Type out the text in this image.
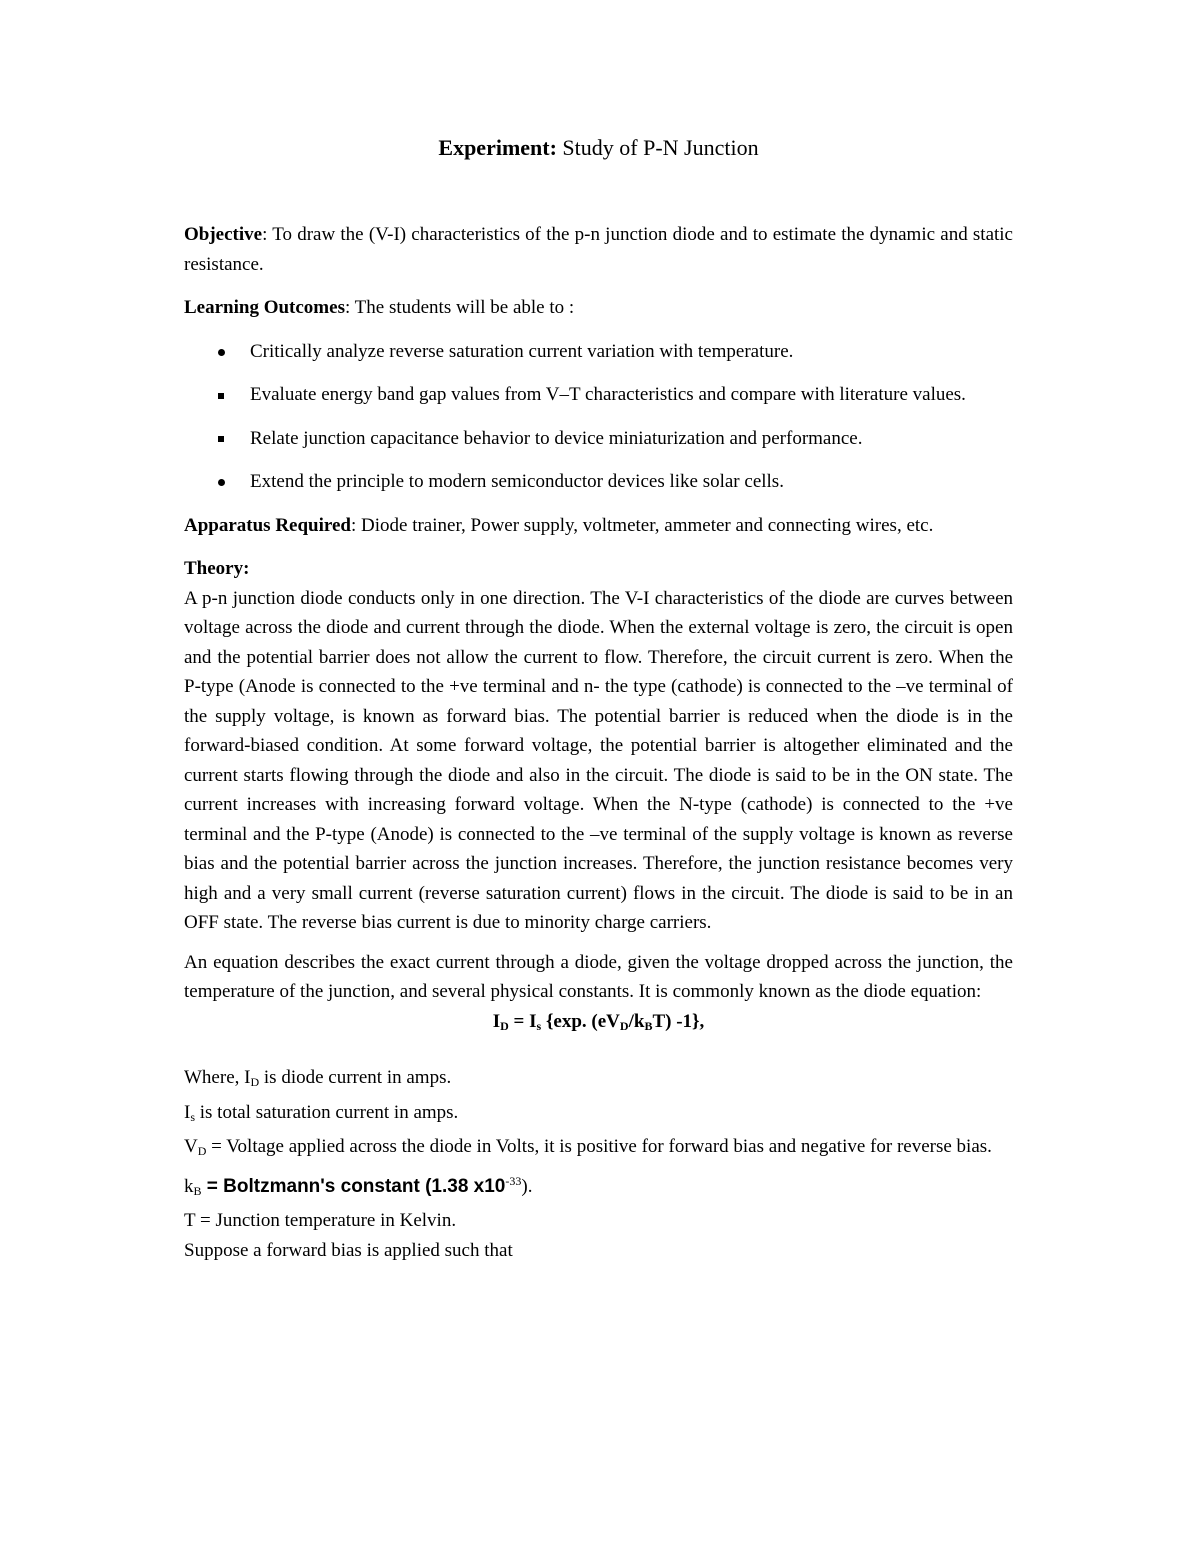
Experiment: Study of P-N Junction

Objective: To draw the (V-I) characteristics of the p-n junction diode and to estimate the dynamic and static resistance.

Learning Outcomes: The students will be able to :

Critically analyze reverse saturation current variation with temperature.
Evaluate energy band gap values from V–T characteristics and compare with literature values.
Relate junction capacitance behavior to device miniaturization and performance.
Extend the principle to modern semiconductor devices like solar cells.

Apparatus Required: Diode trainer, Power supply, voltmeter, ammeter and connecting wires, etc.

Theory:

A p-n junction diode conducts only in one direction. The V-I characteristics of the diode are curves between voltage across the diode and current through the diode. When the external voltage is zero, the circuit is open and the potential barrier does not allow the current to flow. Therefore, the circuit current is zero. When the P-type (Anode is connected to the +ve terminal and n- the type (cathode) is connected to the –ve terminal of the supply voltage, is known as forward bias. The potential barrier is reduced when the diode is in the forward-biased condition. At some forward voltage, the potential barrier is altogether eliminated and the current starts flowing through the diode and also in the circuit. The diode is said to be in the ON state. The current increases with increasing forward voltage. When the N-type (cathode) is connected to the +ve terminal and the P-type (Anode) is connected to the –ve terminal of the supply voltage is known as reverse bias and the potential barrier across the junction increases. Therefore, the junction resistance becomes very high and a very small current (reverse saturation current) flows in the circuit. The diode is said to be in an OFF state. The reverse bias current is due to minority charge carriers.

An equation describes the exact current through a diode, given the voltage dropped across the junction, the temperature of the junction, and several physical constants. It is commonly known as the diode equation:

$I_D = I_s$ {exp. $(eV_D/k_BT)$ -1},

Where, $I_D$ is diode current in amps.

$I_s$ is total saturation current in amps.

$V_D$ = Voltage applied across the diode in Volts, it is positive for forward bias and negative for reverse bias.

$k_B$ = Boltzmann's constant (1.38 $x10^{-33}$).

T = Junction temperature in Kelvin.

Suppose a forward bias is applied such that
